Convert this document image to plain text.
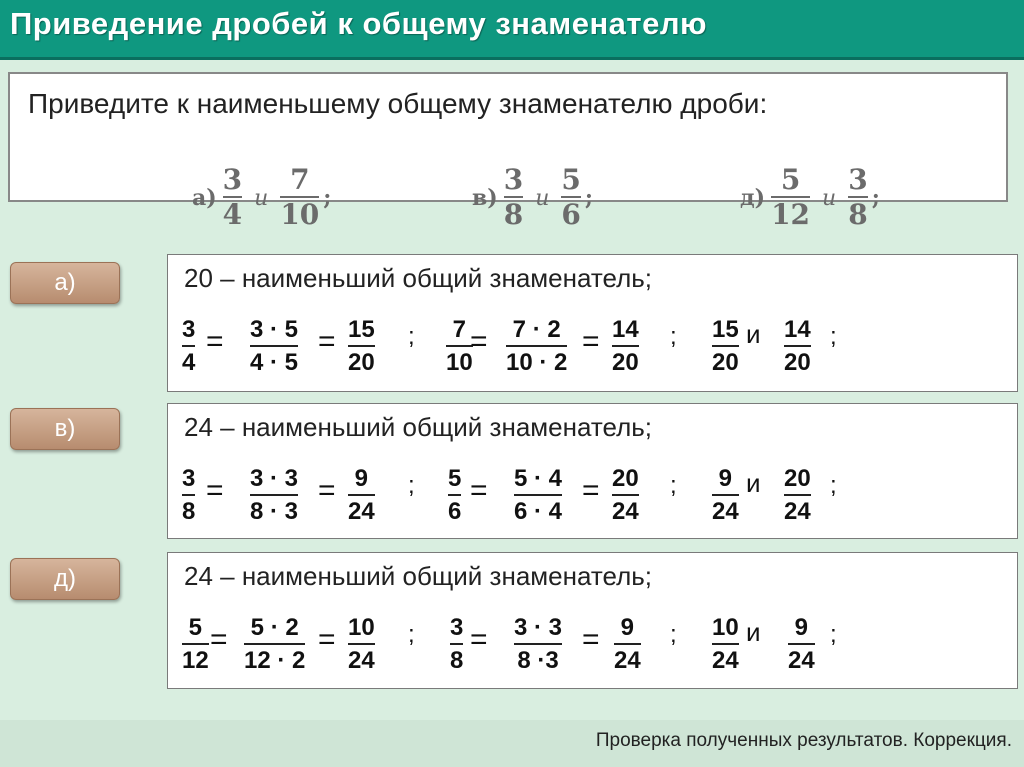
Приведение дробей к общему знаменателю
Приведите к наименьшему общему знаменателю дроби:
а)
3
4 и
7
10 ;	в)
3
8 и
5
6 ;	д)
5
12 и
3
8 ;
а)	20 – наименьший общий знаменатель;
3
4
= 3 · 5
4 · 5
= 15
20
; 7
10
= 7 · 2
10 · 2
= 14
20
; 15
20
и 14
20
;
в)	24 – наименьший общий знаменатель;
3
8
= 3 · 3
8 · 3
= 9
24
; 5
6
= 5 · 4
6 · 4
= 20
24
; 9
24
и 20
24
;
д)	24 – наименьший общий знаменатель;
5
12
= 5 · 2
12 · 2
= 10
24
; 3
8
= 3 · 3
8 ·3
= 9
24
; 10
24
и 9
24
;
Проверка полученных результатов. Коррекция.
